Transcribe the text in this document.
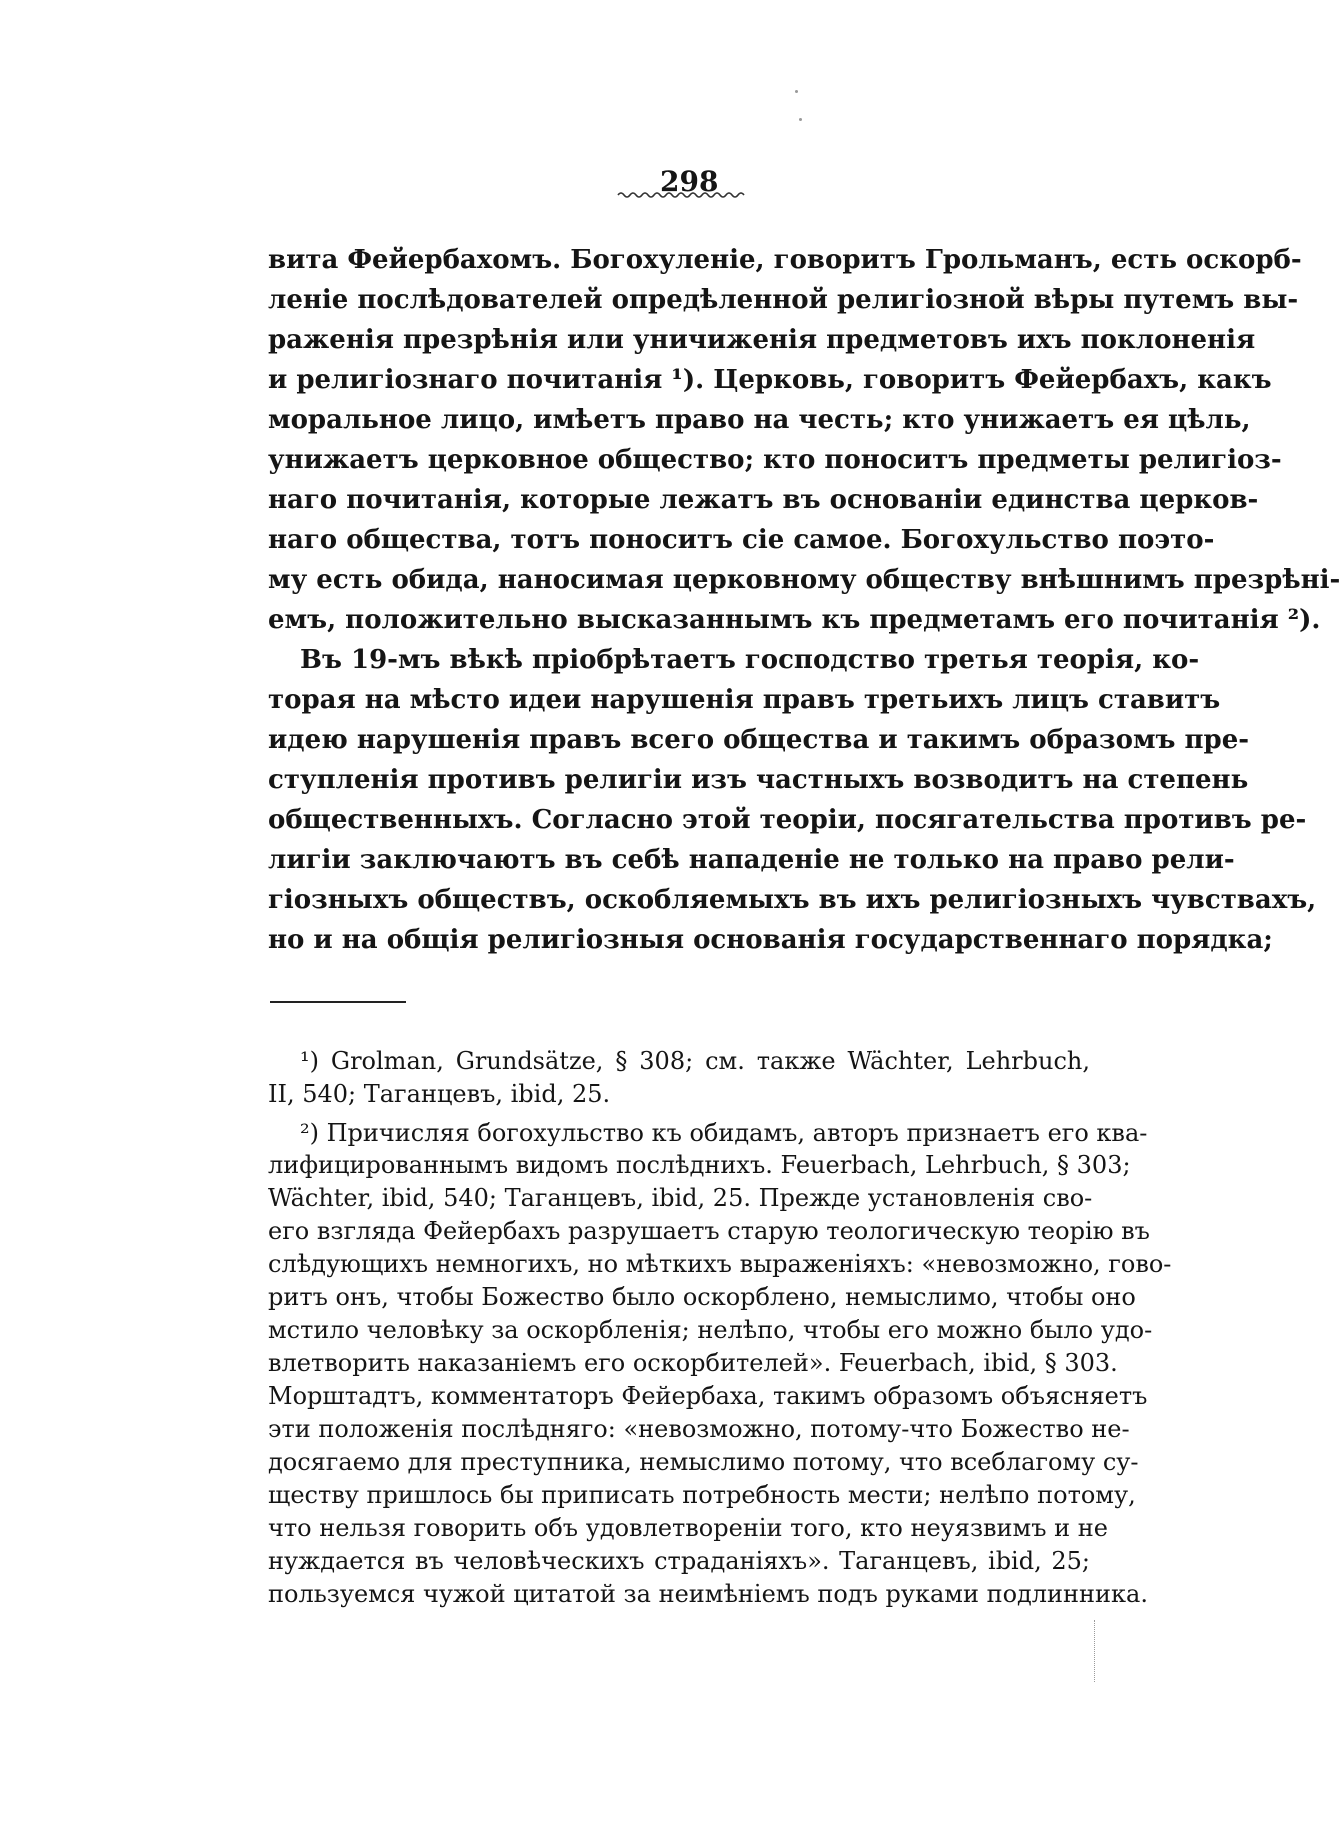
298

вита Фейербахомъ. Богохуленіе, говоритъ Грольманъ, есть оскорб-

леніе послѣдователей опредѣленной религіозной вѣры путемъ вы-

раженія презрѣнія или уничиженія предметовъ ихъ поклоненія

и религіознаго почитанія ¹). Церковь, говоритъ Фейербахъ, какъ

моральное лицо, имѣетъ право на честь; кто унижаетъ ея цѣль,

унижаетъ церковное общество; кто поноситъ предметы религіоз-

наго почитанія, которые лежатъ въ основаніи единства церков-

наго общества, тотъ поноситъ сіе самое. Богохульство поэто-

му есть обида, наносимая церковному обществу внѣшнимъ презрѣні-

емъ, положительно высказаннымъ къ предметамъ его почитанія ²).

Въ 19-мъ вѣкѣ пріобрѣтаетъ господство третья теорія, ко-

торая на мѣсто идеи нарушенія правъ третьихъ лицъ ставитъ

идею нарушенія правъ всего общества и такимъ образомъ пре-

ступленія противъ религіи изъ частныхъ возводитъ на степень

общественныхъ. Согласно этой теоріи, посягательства противъ ре-

лигіи заключаютъ въ себѣ нападеніе не только на право рели-

гіозныхъ обществъ, оскобляемыхъ въ ихъ религіозныхъ чувствахъ,

но и на общія религіозныя основанія государственнаго порядка;

¹) Grolman, Grundsätze, § 308; см. также Wächter, Lehrbuch,

II, 540; Таганцевъ, ibid, 25.

²) Причисляя богохульство къ обидамъ, авторъ признаетъ его ква-

лифицированнымъ видомъ послѣднихъ. Feuerbach, Lehrbuch, § 303;

Wächter, ibid, 540; Таганцевъ, ibid, 25. Прежде установленія сво-

его взгляда Фейербахъ разрушаетъ старую теологическую теорію въ

слѣдующихъ немногихъ, но мѣткихъ выраженіяхъ: «невозможно, гово-

ритъ онъ, чтобы Божество было оскорблено, немыслимо, чтобы оно

мстило человѣку за оскорбленія; нелѣпо, чтобы его можно было удо-

влетворить наказаніемъ его оскорбителей». Feuerbach, ibid, § 303.

Морштадтъ, комментаторъ Фейербаха, такимъ образомъ объясняетъ

эти положенія послѣдняго: «невозможно, потому-что Божество не-

досягаемо для преступника, немыслимо потому, что всеблагому су-

ществу пришлось бы приписать потребность мести; нелѣпо потому,

что нельзя говорить объ удовлетвореніи того, кто неуязвимъ и не

нуждается въ человѣческихъ страданіяхъ». Таганцевъ, ibid, 25;

пользуемся чужой цитатой за неимѣніемъ подъ руками подлинника.
